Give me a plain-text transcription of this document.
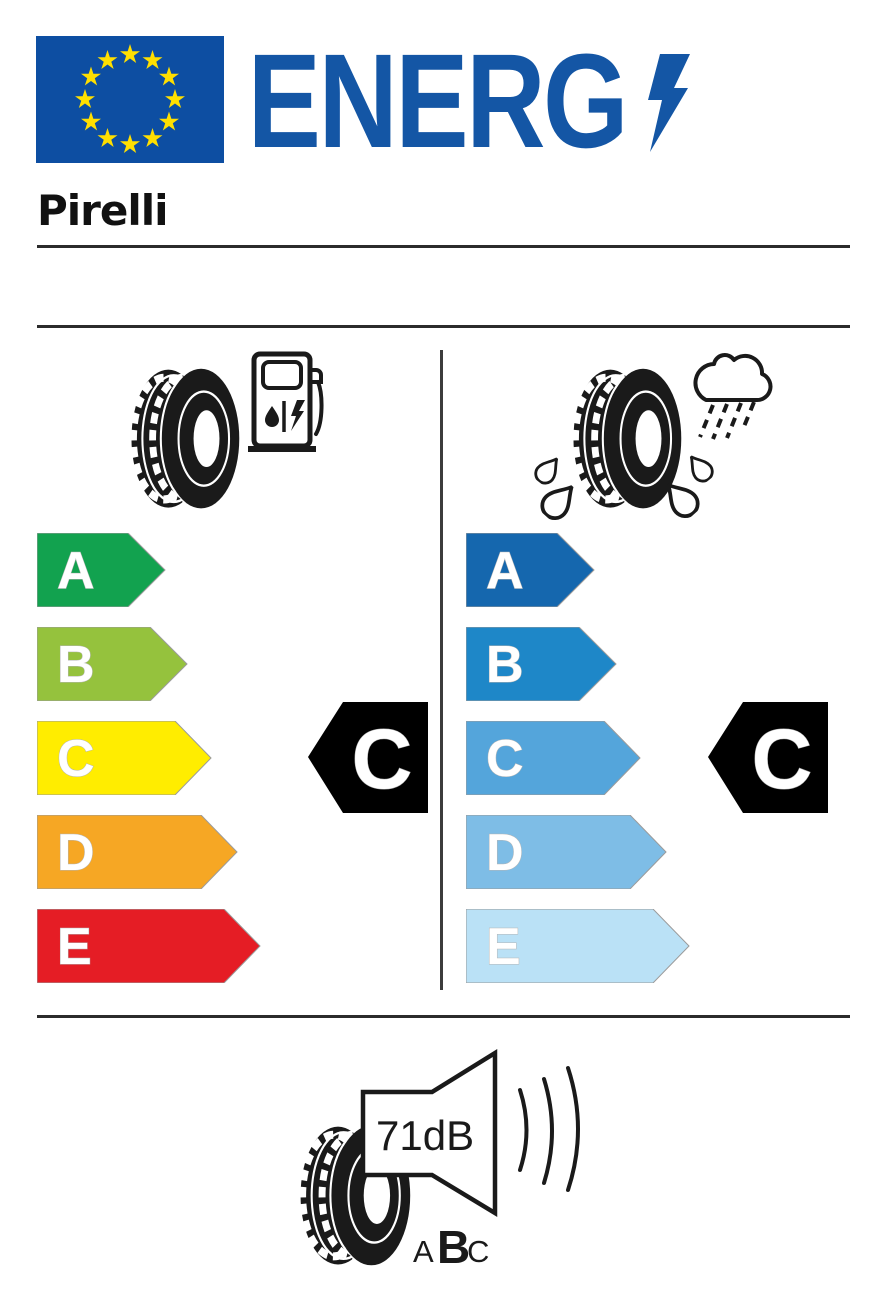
ENERG
Pirelli
A
B
C
D
E
C
A
B
C
D
E
C
71dB
A B
C
